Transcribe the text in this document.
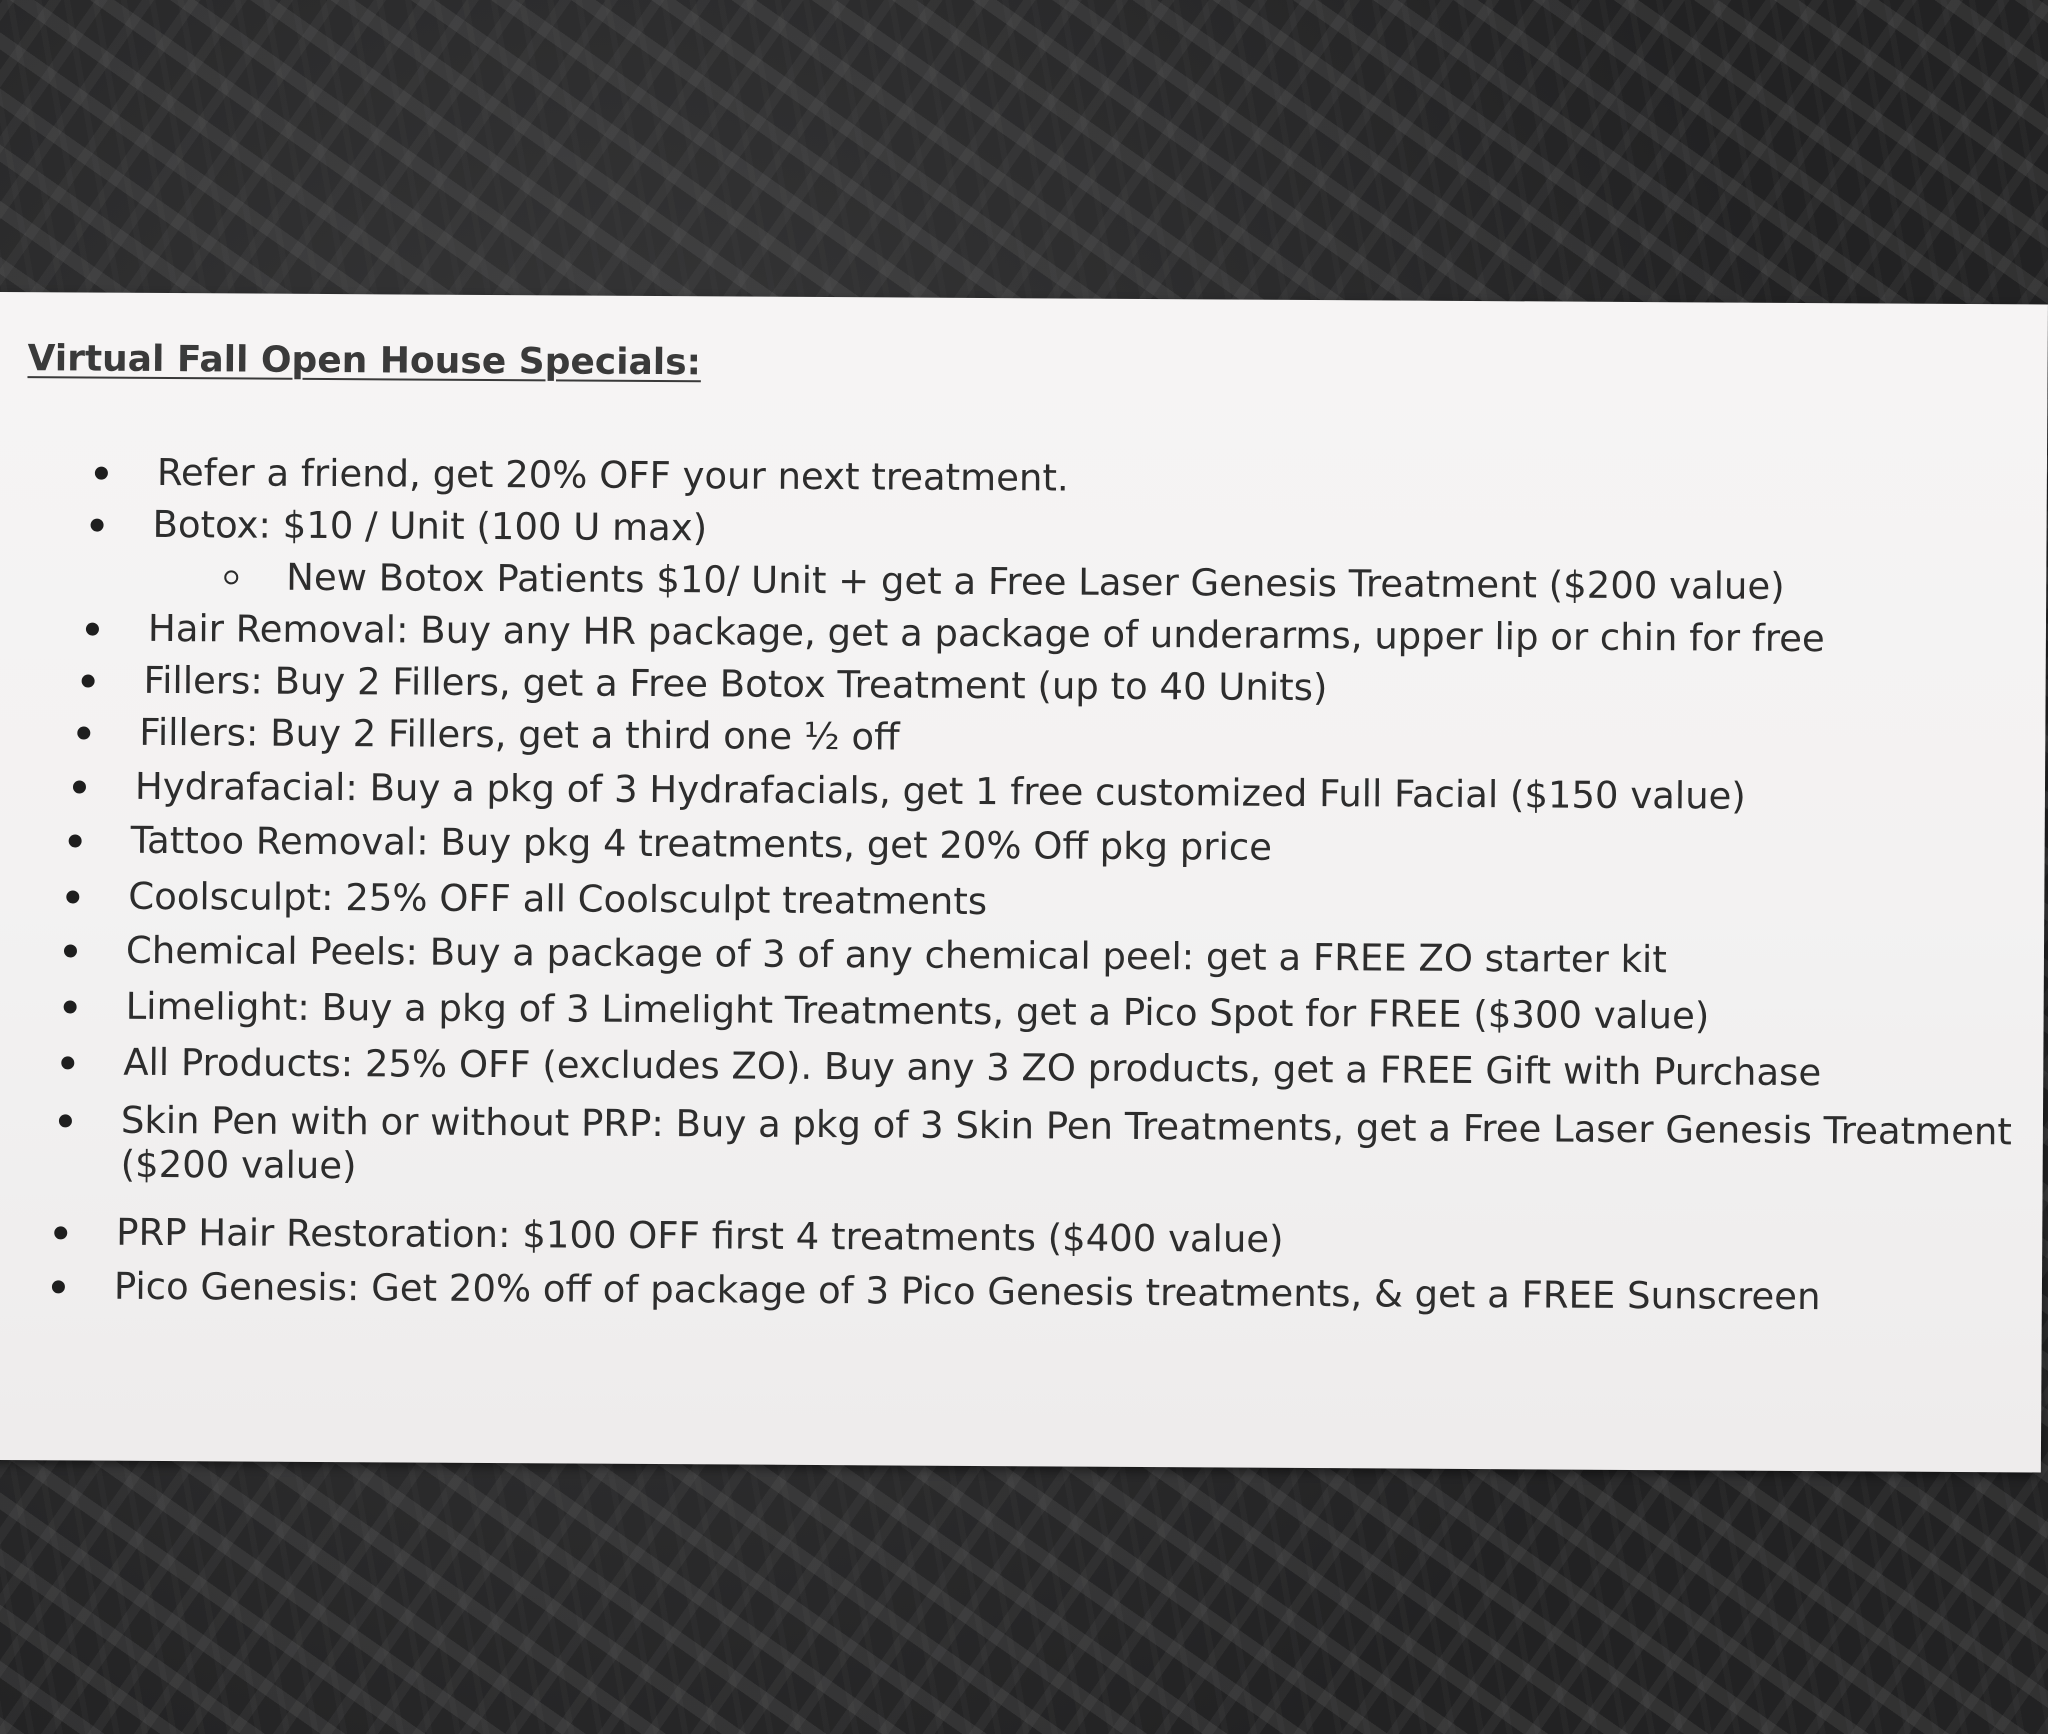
Virtual Fall Open House Specials:
Refer a friend, get 20% OFF your next treatment.
Botox: $10 / Unit (100 U max)
New Botox Patients $10/ Unit + get a Free Laser Genesis Treatment ($200 value)
Hair Removal: Buy any HR package, get a package of underarms, upper lip or chin for free
Fillers: Buy 2 Fillers, get a Free Botox Treatment (up to 40 Units)
Fillers: Buy 2 Fillers, get a third one ½ off
Hydrafacial: Buy a pkg of 3 Hydrafacials, get 1 free customized Full Facial ($150 value)
Tattoo Removal: Buy pkg 4 treatments, get 20% Off pkg price
Coolsculpt: 25% OFF all Coolsculpt treatments
Chemical Peels: Buy a package of 3 of any chemical peel: get a FREE ZO starter kit
Limelight: Buy a pkg of 3 Limelight Treatments, get a Pico Spot for FREE ($300 value)
All Products: 25% OFF (excludes ZO). Buy any 3 ZO products, get a FREE Gift with Purchase
Skin Pen with or without PRP: Buy a pkg of 3 Skin Pen Treatments, get a Free Laser Genesis Treatment
($200 value)
PRP Hair Restoration: $100 OFF first 4 treatments ($400 value)
Pico Genesis: Get 20% off of package of 3 Pico Genesis treatments, & get a FREE Sunscreen
